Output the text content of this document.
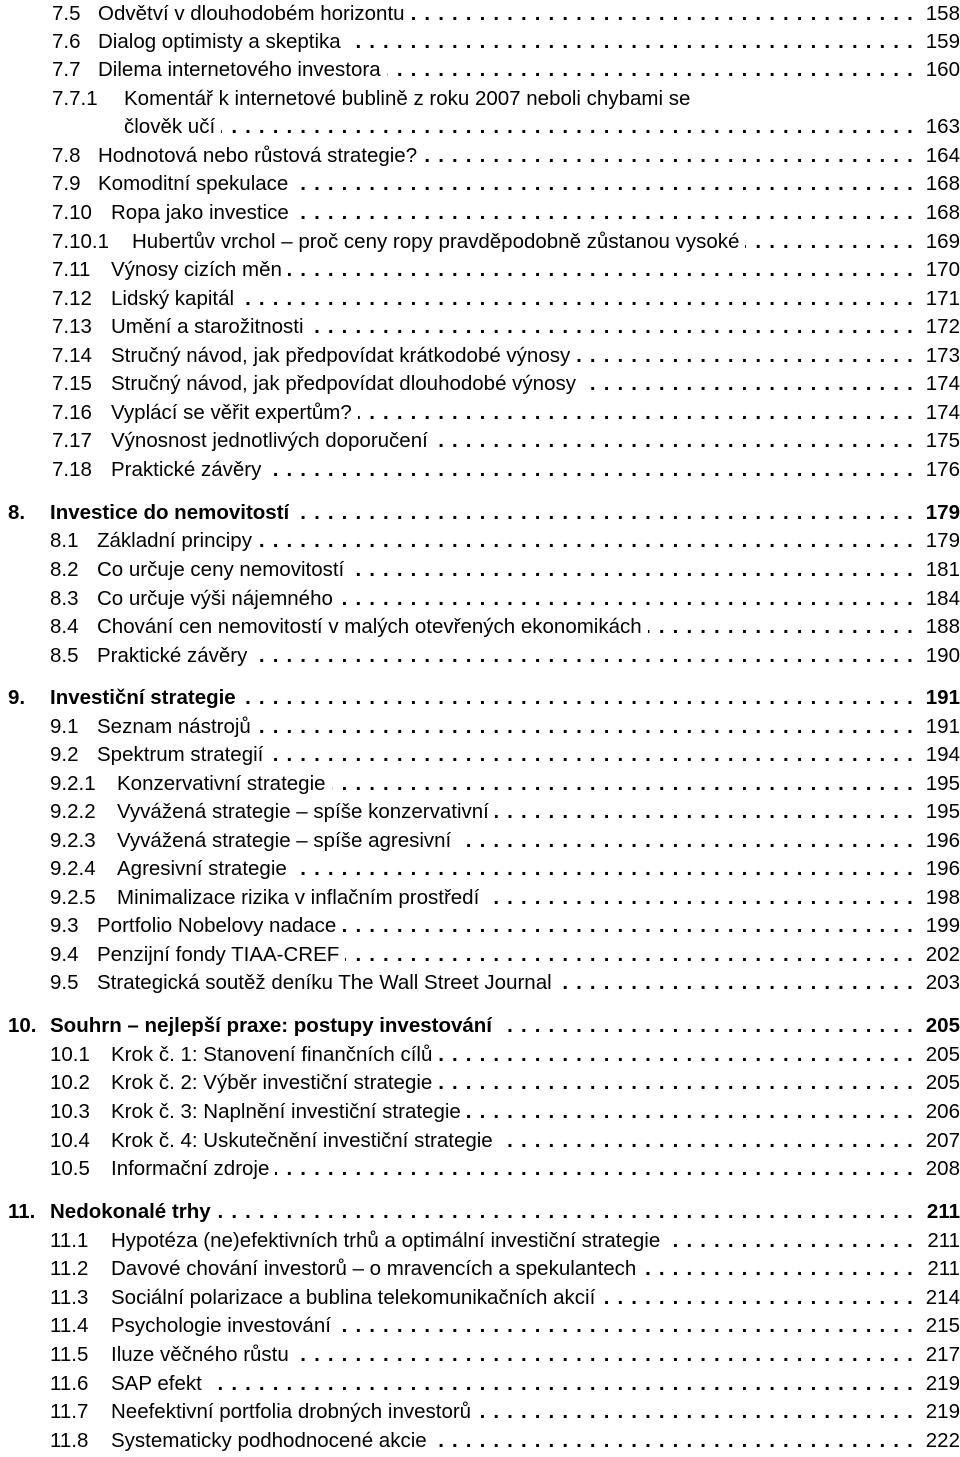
7.5 Odvětví v dlouhodobém horizontu . . .	158
7.6 Dialog optimisty a skeptika . . .	159
7.7 Dilema internetového investora . . .	160
7.7.1 Komentář k internetové bublině z roku 2007 neboli chybami se
člověk učí . . .	163
7.8 Hodnotová nebo růstová strategie? . . .	164
7.9 Komoditní spekulace . . .	168
7.10 Ropa jako investice . . .	168
7.10.1 Hubertův vrchol – proč ceny ropy pravděpodobně zůstanou vysoké . . .	169
7.11 Výnosy cizích měn . . .	170
7.12 Lidský kapitál . . .	171
7.13 Umění a starožitnosti . . .	172
7.14 Stručný návod, jak předpovídat krátkodobé výnosy . . .	173
7.15 Stručný návod, jak předpovídat dlouhodobé výnosy . . .	174
7.16 Vyplácí se věřit expertům? . . .	174
7.17 Výnosnost jednotlivých doporučení . . .	175
7.18 Praktické závěry . . .	176
8. Investice do nemovitostí . . .	179
8.1 Základní principy . . .	179
8.2 Co určuje ceny nemovitostí . . .	181
8.3 Co určuje výši nájemného . . .	184
8.4 Chování cen nemovitostí v malých otevřených ekonomikách . . .	188
8.5 Praktické závěry . . .	190
9. Investiční strategie . . .	191
9.1 Seznam nástrojů . . .	191
9.2 Spektrum strategií . . .	194
9.2.1 Konzervativní strategie . . .	195
9.2.2 Vyvážená strategie – spíše konzervativní . . .	195
9.2.3 Vyvážená strategie – spíše agresivní . . .	196
9.2.4 Agresivní strategie . . .	196
9.2.5 Minimalizace rizika v inflačním prostředí . . .	198
9.3 Portfolio Nobelovy nadace . . .	199
9.4 Penzijní fondy TIAA-CREF . . .	202
9.5 Strategická soutěž deníku The Wall Street Journal . . .	203
10. Souhrn – nejlepší praxe: postupy investování . . .	205
10.1 Krok č. 1: Stanovení finančních cílů . . .	205
10.2 Krok č. 2: Výběr investiční strategie . . .	205
10.3 Krok č. 3: Naplnění investiční strategie . . .	206
10.4 Krok č. 4: Uskutečnění investiční strategie . . .	207
10.5 Informační zdroje . . .	208
11. Nedokonalé trhy . . .	211
11.1 Hypotéza (ne)efektivních trhů a optimální investiční strategie . . .	211
11.2 Davové chování investorů – o mravencích a spekulantech . . .	211
11.3 Sociální polarizace a bublina telekomunikačních akcií . . .	214
11.4 Psychologie investování . . .	215
11.5 Iluze věčného růstu . . .	217
11.6 SAP efekt . . .	219
11.7 Neefektivní portfolia drobných investorů . . .	219
11.8 Systematicky podhodnocené akcie . . .	222
